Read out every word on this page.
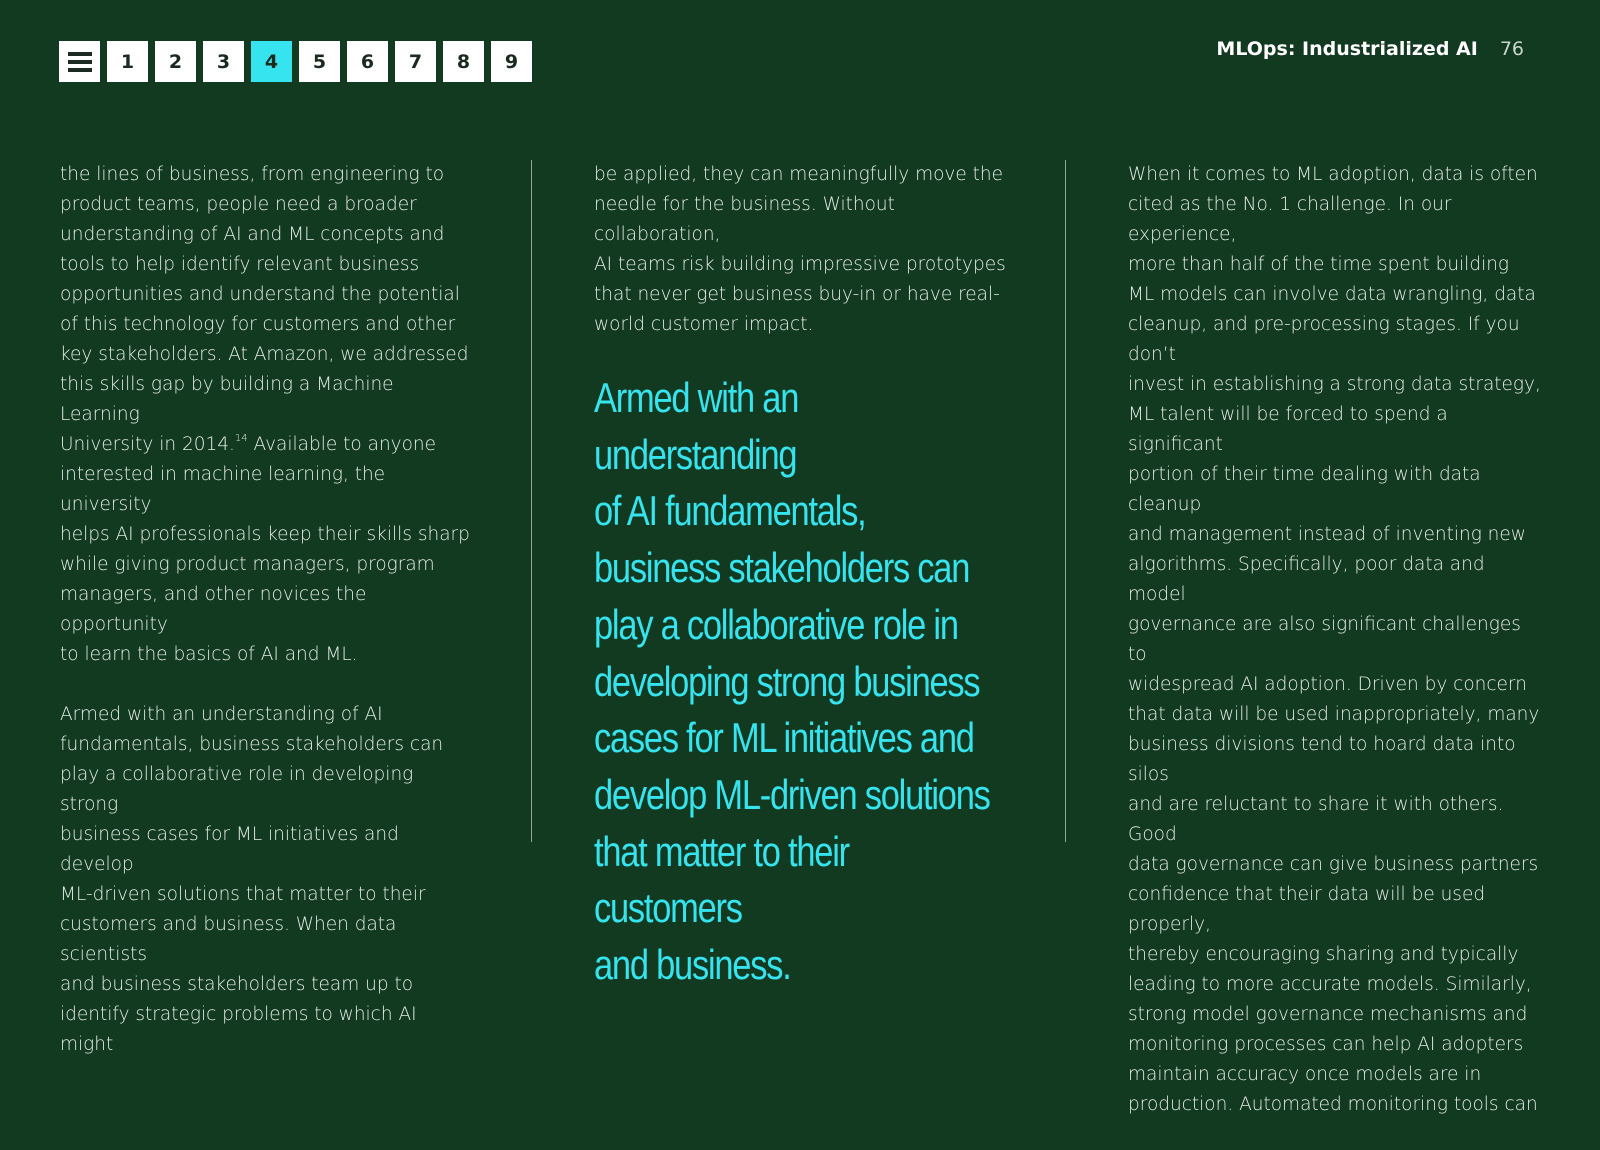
1	2	3	4	5	6	7	8	9
MLOps: Industrialized AI 76

the lines of business, from engineering to
product teams, people need a broader
understanding of AI and ML concepts and
tools to help identify relevant business
opportunities and understand the potential
of this technology for customers and other
key stakeholders. At Amazon, we addressed
this skills gap by building a Machine Learning
University in 2014.14 Available to anyone
interested in machine learning, the university
helps AI professionals keep their skills sharp
while giving product managers, program
managers, and other novices the opportunity
to learn the basics of AI and ML.

Armed with an understanding of AI
fundamentals, business stakeholders can
play a collaborative role in developing strong
business cases for ML initiatives and develop
ML-driven solutions that matter to their
customers and business. When data scientists
and business stakeholders team up to
identify strategic problems to which AI might

be applied, they can meaningfully move the
needle for the business. Without collaboration,
AI teams risk building impressive prototypes
that never get business buy-in or have real-
world customer impact.

Armed with an understanding
of AI fundamentals,
business stakeholders can
play a collaborative role in
developing strong business
cases for ML initiatives and
develop ML-driven solutions
that matter to their customers
and business.

When it comes to ML adoption, data is often
cited as the No. 1 challenge. In our experience,
more than half of the time spent building
ML models can involve data wrangling, data
cleanup, and pre-processing stages. If you don’t
invest in establishing a strong data strategy,
ML talent will be forced to spend a significant
portion of their time dealing with data cleanup
and management instead of inventing new
algorithms. Specifically, poor data and model
governance are also significant challenges to
widespread AI adoption. Driven by concern
that data will be used inappropriately, many
business divisions tend to hoard data into silos
and are reluctant to share it with others. Good
data governance can give business partners
confidence that their data will be used properly,
thereby encouraging sharing and typically
leading to more accurate models. Similarly,
strong model governance mechanisms and
monitoring processes can help AI adopters
maintain accuracy once models are in
production. Automated monitoring tools can
